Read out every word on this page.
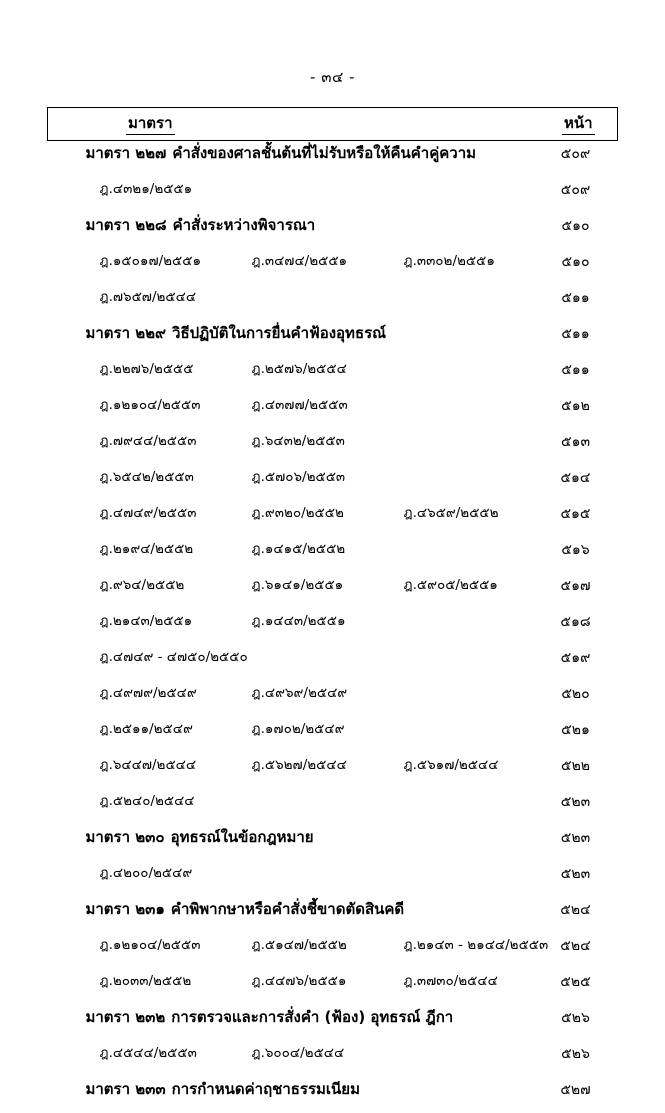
- ๓๔ -
มาตรา	หน้า
มาตรา ๒๒๗ คำสั่งของศาลชั้นต้นที่ไม่รับหรือให้คืนคำคู่ความ	๕๐๙

ฎ.๔๓๒๑/๒๕๕๑	๕๐๙

มาตรา ๒๒๘ คำสั่งระหว่างพิจารณา	๕๑๐

ฎ.๑๕๐๑๗/๒๕๕๑ ฎ.๓๔๗๔/๒๕๕๑ ฎ.๓๓๐๒/๒๕๕๑	๕๑๐

ฎ.๗๖๕๗/๒๕๔๔	๕๑๑

มาตรา ๒๒๙ วิธีปฏิบัติในการยื่นคำฟ้องอุทธรณ์	๕๑๑

ฎ.๒๒๗๖/๒๕๕๕ ฎ.๒๕๗๖/๒๕๕๔	๕๑๑

ฎ.๑๒๑๐๔/๒๕๕๓ ฎ.๔๓๗๗/๒๕๕๓	๕๑๒

ฎ.๗๙๔๔/๒๕๕๓ ฎ.๖๔๓๒/๒๕๕๓	๕๑๓

ฎ.๖๕๔๒/๒๕๕๓ ฎ.๕๗๐๖/๒๕๕๓	๕๑๔

ฎ.๔๗๔๙/๒๕๕๓ ฎ.๙๓๒๐/๒๕๕๒ ฎ.๔๖๕๙/๒๕๕๒	๕๑๕

ฎ.๒๑๙๔/๒๕๕๒ ฎ.๑๔๑๕/๒๕๕๒	๕๑๖

ฎ.๙๖๔/๒๕๕๒ ฎ.๖๑๔๑/๒๕๕๑ ฎ.๕๙๐๕/๒๕๕๑	๕๑๗

ฎ.๒๑๔๓/๒๕๕๑ ฎ.๑๔๔๓/๒๕๕๑	๕๑๘

ฎ.๔๗๔๙ - ๔๗๕๐/๒๕๕๐	๕๑๙

ฎ.๔๙๗๙/๒๕๔๙ ฎ.๔๙๖๙/๒๕๔๙	๕๒๐

ฎ.๒๕๑๑/๒๕๔๙ ฎ.๑๗๐๒/๒๕๔๙	๕๒๑

ฎ.๖๔๔๗/๒๕๔๔ ฎ.๕๖๒๗/๒๕๔๔ ฎ.๕๖๑๗/๒๕๔๔	๕๒๒

ฎ.๕๒๔๐/๒๕๔๔	๕๒๓

มาตรา ๒๓๐ อุทธรณ์ในข้อกฎหมาย	๕๒๓

ฎ.๔๒๐๐/๒๕๔๙	๕๒๓

มาตรา ๒๓๑ คำพิพากษาหรือคำสั่งชี้ขาดตัดสินคดี	๕๒๔

ฎ.๑๒๑๐๔/๒๕๕๓ ฎ.๕๑๔๗/๒๕๕๒ ฎ.๒๑๔๓ - ๒๑๔๔/๒๕๕๓	๕๒๔

ฎ.๒๐๓๓/๒๕๕๒ ฎ.๔๔๗๖/๒๕๕๑ ฎ.๓๗๓๐/๒๕๔๔	๕๒๕

มาตรา ๒๓๒ การตรวจและการสั่งคำ (ฟ้อง) อุทธรณ์ ฎีกา	๕๒๖

ฎ.๔๕๔๔/๒๕๕๓ ฎ.๖๐๐๔/๒๕๔๔	๕๒๖

มาตรา ๒๓๓ การกำหนดค่าฤชาธรรมเนียม	๕๒๗
